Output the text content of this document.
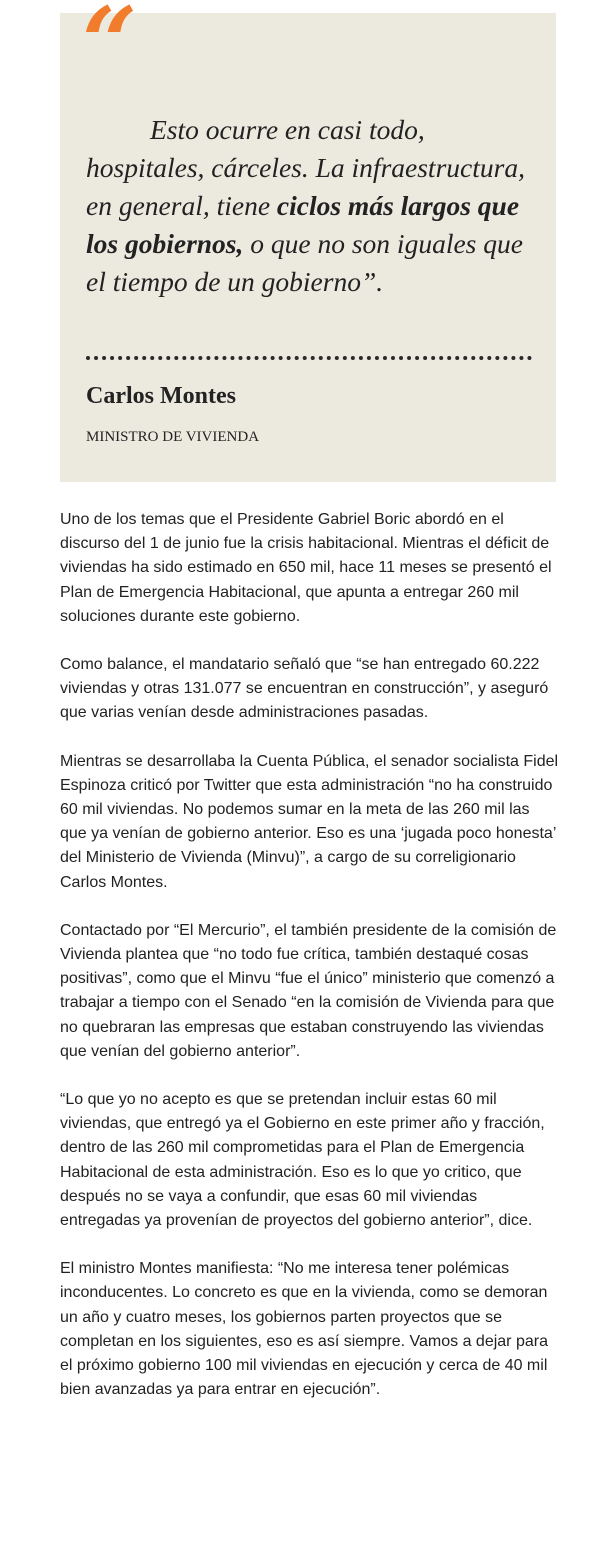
“
Esto ocurre en casi todo, hospitales, cárceles. La infraestructura, en general, tiene ciclos más largos que los gobiernos, o que no son iguales que el tiempo de un gobierno”.
Carlos Montes
MINISTRO DE VIVIENDA

Uno de los temas que el Presidente Gabriel Boric abordó en el discurso del 1 de junio fue la crisis habitacional. Mientras el déficit de viviendas ha sido estimado en 650 mil, hace 11 meses se presentó el Plan de Emergencia Habitacional, que apunta a entregar 260 mil soluciones durante este gobierno.

Como balance, el mandatario señaló que “se han entregado 60.222 viviendas y otras 131.077 se encuentran en construcción”, y aseguró que varias venían desde administraciones pasadas.

Mientras se desarrollaba la Cuenta Pública, el senador socialista Fidel Espinoza criticó por Twitter que esta administración “no ha construido 60 mil viviendas. No podemos sumar en la meta de las 260 mil las que ya venían de gobierno anterior. Eso es una ‘jugada poco honesta’ del Ministerio de Vivienda (Minvu)”, a cargo de su correligionario Carlos Montes.

Contactado por “El Mercurio”, el también presidente de la comisión de Vivienda plantea que “no todo fue crítica, también destaqué cosas positivas”, como que el Minvu “fue el único” ministerio que comenzó a trabajar a tiempo con el Senado “en la comisión de Vivienda para que no quebraran las empresas que estaban construyendo las viviendas que venían del gobierno anterior”.

“Lo que yo no acepto es que se pretendan incluir estas 60 mil viviendas, que entregó ya el Gobierno en este primer año y fracción, dentro de las 260 mil comprometidas para el Plan de Emergencia Habitacional de esta administración. Eso es lo que yo critico, que después no se vaya a confundir, que esas 60 mil viviendas entregadas ya provenían de proyectos del gobierno anterior”, dice.

El ministro Montes manifiesta: “No me interesa tener polémicas inconducentes. Lo concreto es que en la vivienda, como se demoran un año y cuatro meses, los gobiernos parten proyectos que se completan en los siguientes, eso es así siempre. Vamos a dejar para el próximo gobierno 100 mil viviendas en ejecución y cerca de 40 mil bien avanzadas ya para entrar en ejecución”.
